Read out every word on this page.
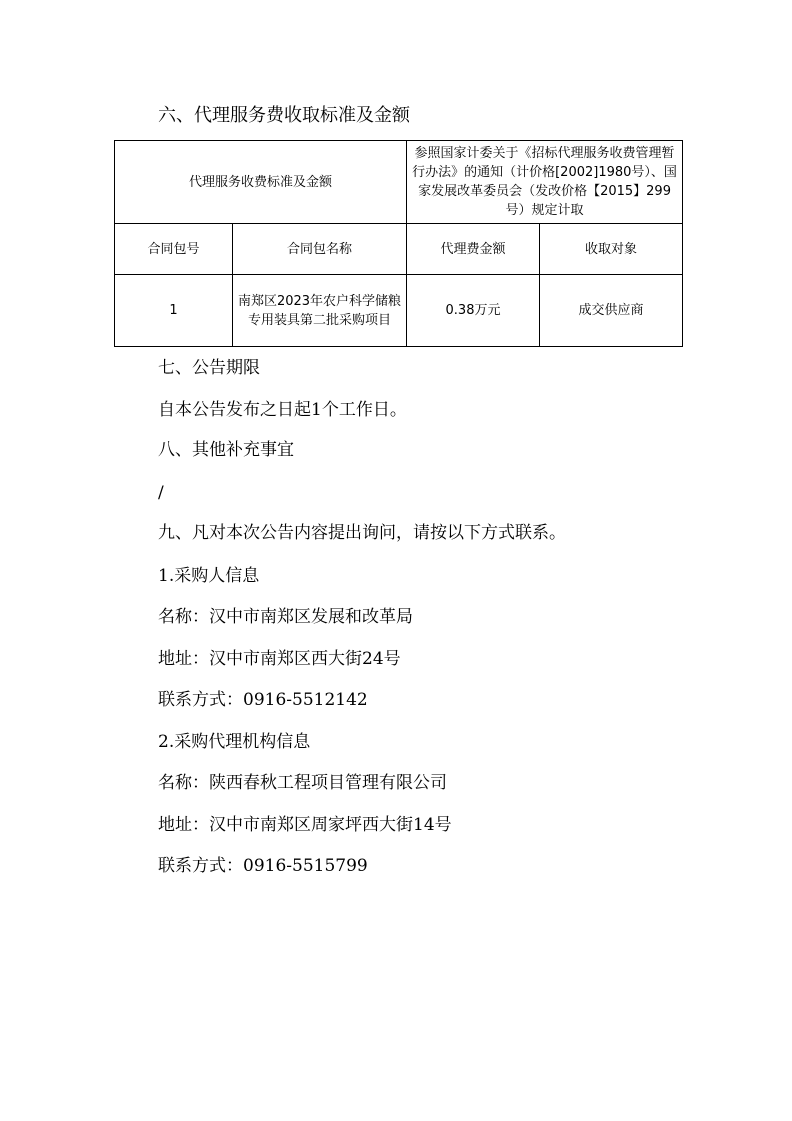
六、代理服务费收取标准及金额
代理服务收费标准及金额		参照国家计委关于《招标代理服务收费管理暂行办法》的通知（计价格[2002]1980号）、国家发展改革委员会（发改价格【2015】299号）规定计取	
合同包号	合同包名称	代理费金额	收取对象
1	南郑区2023年农户科学储粮专用装具第二批采购项目	0.38万元	成交供应商
七、公告期限
自本公告发布之日起1个工作日。
八、其他补充事宜
/
九、凡对本次公告内容提出询问，请按以下方式联系。
1.采购人信息
名称：汉中市南郑区发展和改革局
地址：汉中市南郑区西大街24号
联系方式：0916-5512142
2.采购代理机构信息
名称：陕西春秋工程项目管理有限公司
地址：汉中市南郑区周家坪西大街14号
联系方式：0916-5515799
